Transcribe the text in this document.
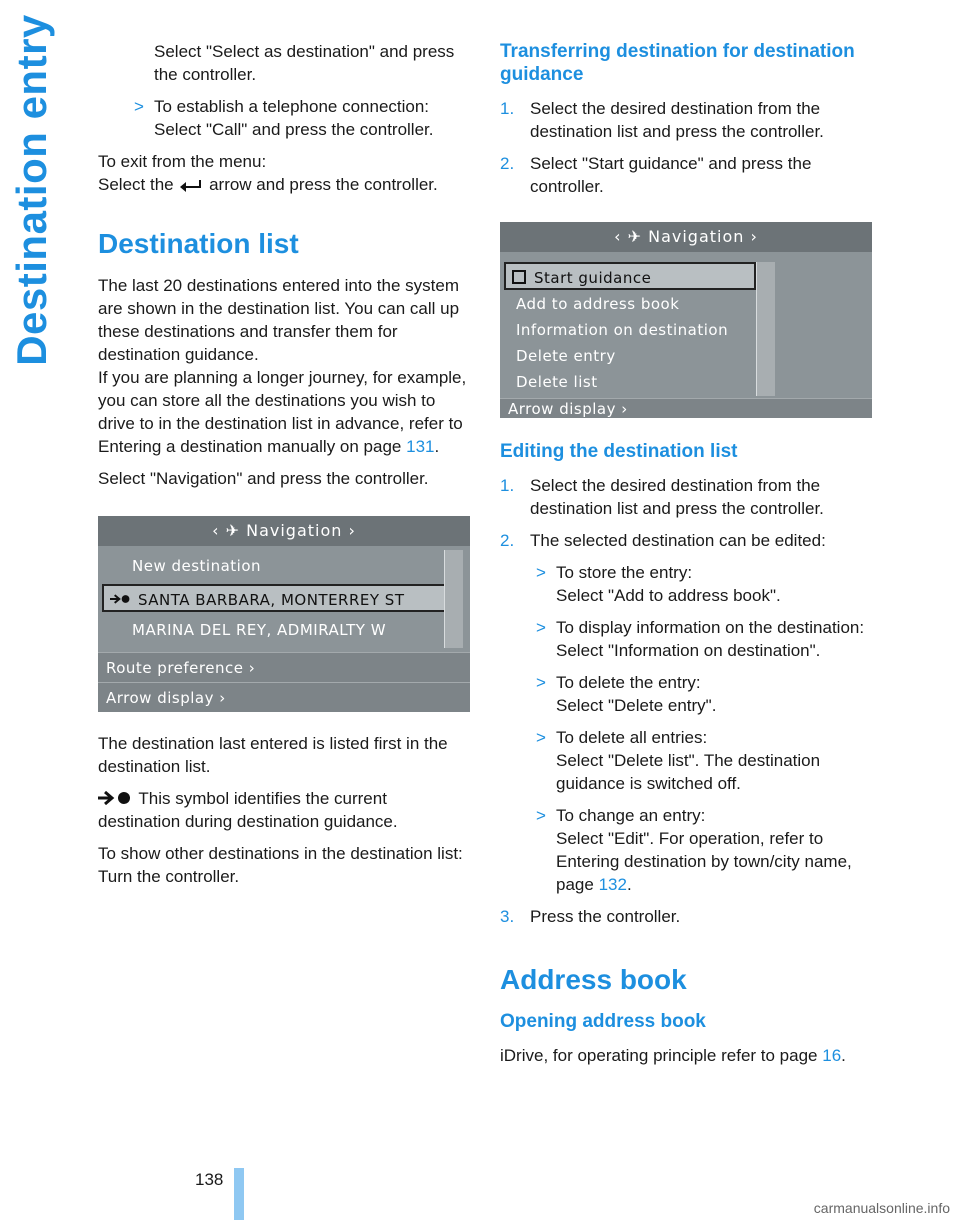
Destination entry	Select "Select as destination" and press the controller.

> To establish a telephone connection: Select "Call" and press the controller.

To exit from the menu:

Select the arrow and press the controller.

Destination list

The last 20 destinations entered into the system are shown in the destination list. You can call up these destinations and transfer them for destination guidance.

If you are planning a longer journey, for example, you can store all the destinations you wish to drive to in the destination list in advance, refer to Entering a destination manually on page 131.

Select "Navigation" and press the controller.

‹ ✈ Navigation ›
New destination
SANTA BARBARA, MONTERREY ST
MARINA DEL REY, ADMIRALTY W
Route preference ›
Arrow display ›

The destination last entered is listed first in the destination list.

This symbol identifies the current destination during destination guidance.

To show other destinations in the destination list:

Turn the controller.

Transferring destination for destination guidance
1. Select the desired destination from the destination list and press the controller.
2. Select "Start guidance" and press the controller.
‹ ✈ Navigation ›
Start guidance
Add to address book
Information on destination
Delete entry
Delete list
Arrow display ›
Editing the destination list
1. Select the desired destination from the destination list and press the controller.
2. The selected destination can be edited:
> To store the entry:
Select "Add to address book".
> To display information on the destination:
Select "Information on destination".
> To delete the entry:
Select "Delete entry".
> To delete all entries:
Select "Delete list". The destination guidance is switched off.
> To change an entry:
Select "Edit". For operation, refer to Entering destination by town/city name, page 132.
3. Press the controller.
Address book
Opening address book

iDrive, for operating principle refer to page 16.

138
carmanualsonline.info
